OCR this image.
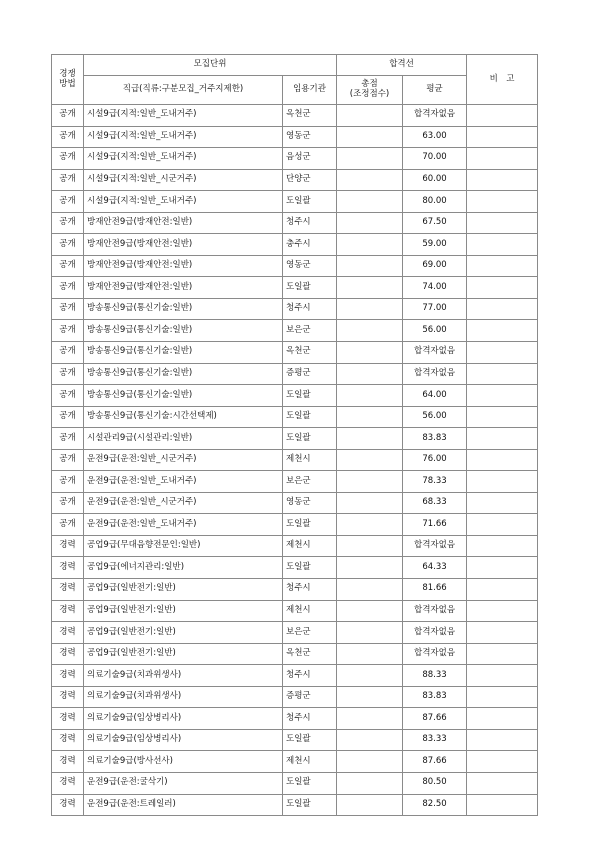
경쟁
방법	모집단위		합격선		비　고
	직급(직류:구분모집_거주지제한)	임용기관	총점
(조정점수)	평균	
공개	시설9급(지적:일반_도내거주)	옥천군		합격자없음	
공개	시설9급(지적:일반_도내거주)	영동군		63.00	
공개	시설9급(지적:일반_도내거주)	음성군		70.00	
공개	시설9급(지적:일반_시군거주)	단양군		60.00	
공개	시설9급(지적:일반_도내거주)	도일괄		80.00	
공개	방재안전9급(방재안전:일반)	청주시		67.50	
공개	방재안전9급(방재안전:일반)	충주시		59.00	
공개	방재안전9급(방재안전:일반)	영동군		69.00	
공개	방재안전9급(방재안전:일반)	도일괄		74.00	
공개	방송통신9급(통신기술:일반)	청주시		77.00	
공개	방송통신9급(통신기술:일반)	보은군		56.00	
공개	방송통신9급(통신기술:일반)	옥천군		합격자없음	
공개	방송통신9급(통신기술:일반)	증평군		합격자없음	
공개	방송통신9급(통신기술:일반)	도일괄		64.00	
공개	방송통신9급(통신기술:시간선택제)	도일괄		56.00	
공개	시설관리9급(시설관리:일반)	도일괄		83.83	
공개	운전9급(운전:일반_시군거주)	제천시		76.00	
공개	운전9급(운전:일반_도내거주)	보은군		78.33	
공개	운전9급(운전:일반_시군거주)	영동군		68.33	
공개	운전9급(운전:일반_도내거주)	도일괄		71.66	
경력	공업9급(무대음향전문인:일반)	제천시		합격자없음	
경력	공업9급(에너지관리:일반)	도일괄		64.33	
경력	공업9급(일반전기:일반)	청주시		81.66	
경력	공업9급(일반전기:일반)	제천시		합격자없음	
경력	공업9급(일반전기:일반)	보은군		합격자없음	
경력	공업9급(일반전기:일반)	옥천군		합격자없음	
경력	의료기술9급(치과위생사)	청주시		88.33	
경력	의료기술9급(치과위생사)	증평군		83.83	
경력	의료기술9급(임상병리사)	청주시		87.66	
경력	의료기술9급(임상병리사)	도일괄		83.33	
경력	의료기술9급(방사선사)	제천시		87.66	
경력	운전9급(운전:굴삭기)	도일괄		80.50	
경력	운전9급(운전:트레일러)	도일괄		82.50	
